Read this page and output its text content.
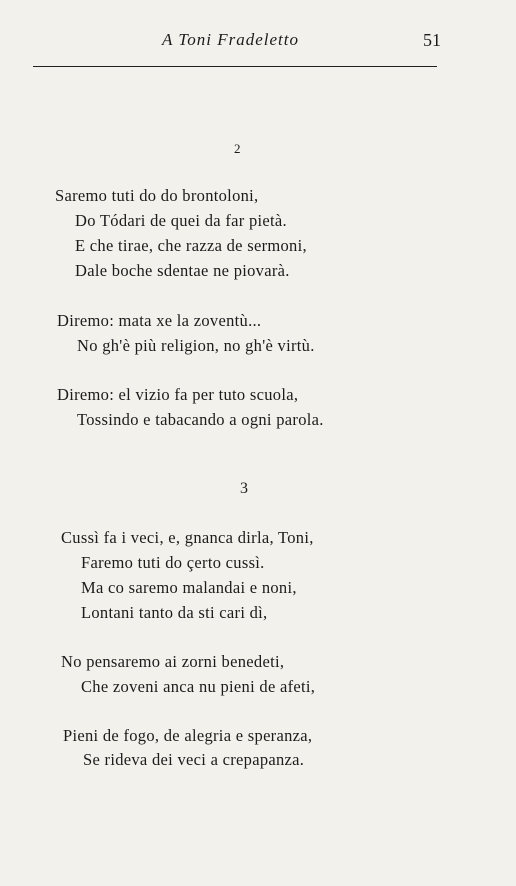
A Toni Fradeletto	51
2
Saremo tuti do do brontoloni,
Do Tódari de quei da far pietà.
E che tirae, che razza de sermoni,
Dale boche sdentae ne piovarà.
Diremo: mata xe la zoventù...
No gh'è più religion, no gh'è virtù.
Diremo: el vizio fa per tuto scuola,
Tossindo e tabacando a ogni parola.
3
Cussì fa i veci, e, gnanca dirla, Toni,
Faremo tuti do çerto cussì.
Ma co saremo malandai e noni,
Lontani tanto da sti cari dì,
No pensaremo ai zorni benedeti,
Che zoveni anca nu pieni de afeti,
Pieni de fogo, de alegria e speranza,
Se rideva dei veci a crepapanza.
